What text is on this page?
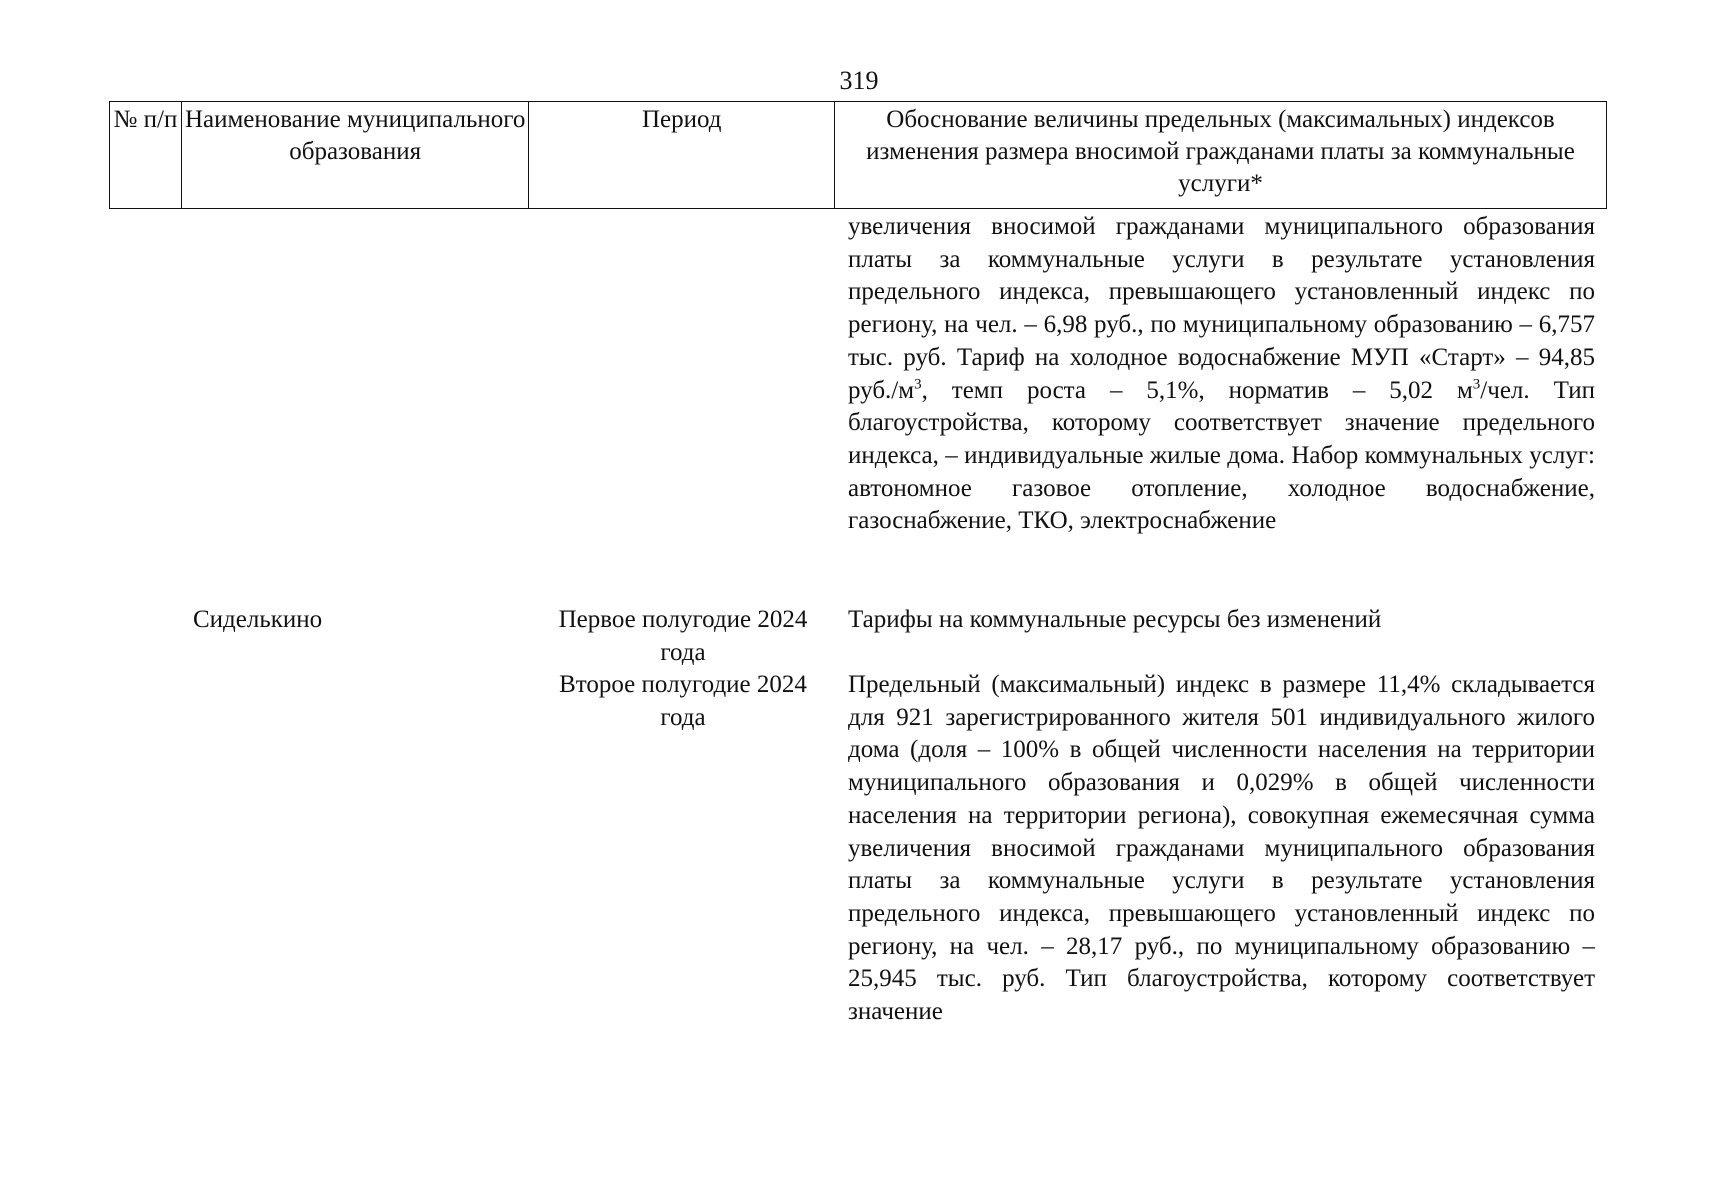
319
№ п/п Наименование муниципального образования
Период	Обоснование величины предельных (максимальных) индексов изменения размера вносимой гражданами платы за коммунальные услуги*

увеличения вносимой гражданами муниципального образования платы за коммунальные услуги в результате установления предельного индекса, превышающего установленный индекс по региону, на чел. – 6,98 руб., по муниципальному образованию – 6,757 тыс. руб. Тариф на холодное водоснабжение МУП «Старт» – 94,85 $руб./м^3$, темп роста – 5,1%, норматив – 5,02 $м^3$/чел. Тип благоустройства, которому соответствует значение предельного индекса, – индивидуальные жилые дома. Набор коммунальных услуг: автономное газовое отопление, холодное водоснабжение, газоснабжение, ТКО, электроснабжение

Сиделькино	Первое полугодие 2024 года

Тарифы на коммунальные ресурсы без изменений

Второе полугодие 2024 года

Предельный (максимальный) индекс в размере 11,4% складывается для 921 зарегистрированного жителя 501 индивидуального жилого дома (доля – 100% в общей численности населения на территории муниципального образования и 0,029% в общей численности населения на территории региона), совокупная ежемесячная сумма увеличения вносимой гражданами муниципального образования платы за коммунальные услуги в результате установления предельного индекса, превышающего установленный индекс по региону, на чел. – 28,17 руб., по муниципальному образованию – 25,945 тыс. руб. Тип благоустройства, которому соответствует значение
